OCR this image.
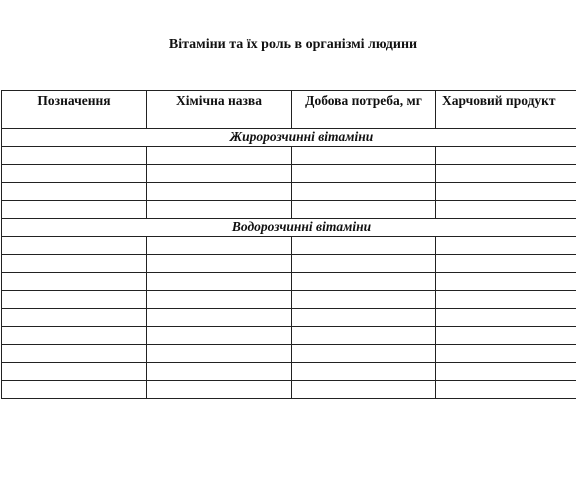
Вітаміни та їх роль в організмі людини
Позначення	Хімічна назва	Добова потреба, мг	Харчовий продукт
Жиророзчинні вітаміни			

Водорозчинні вітаміни			
